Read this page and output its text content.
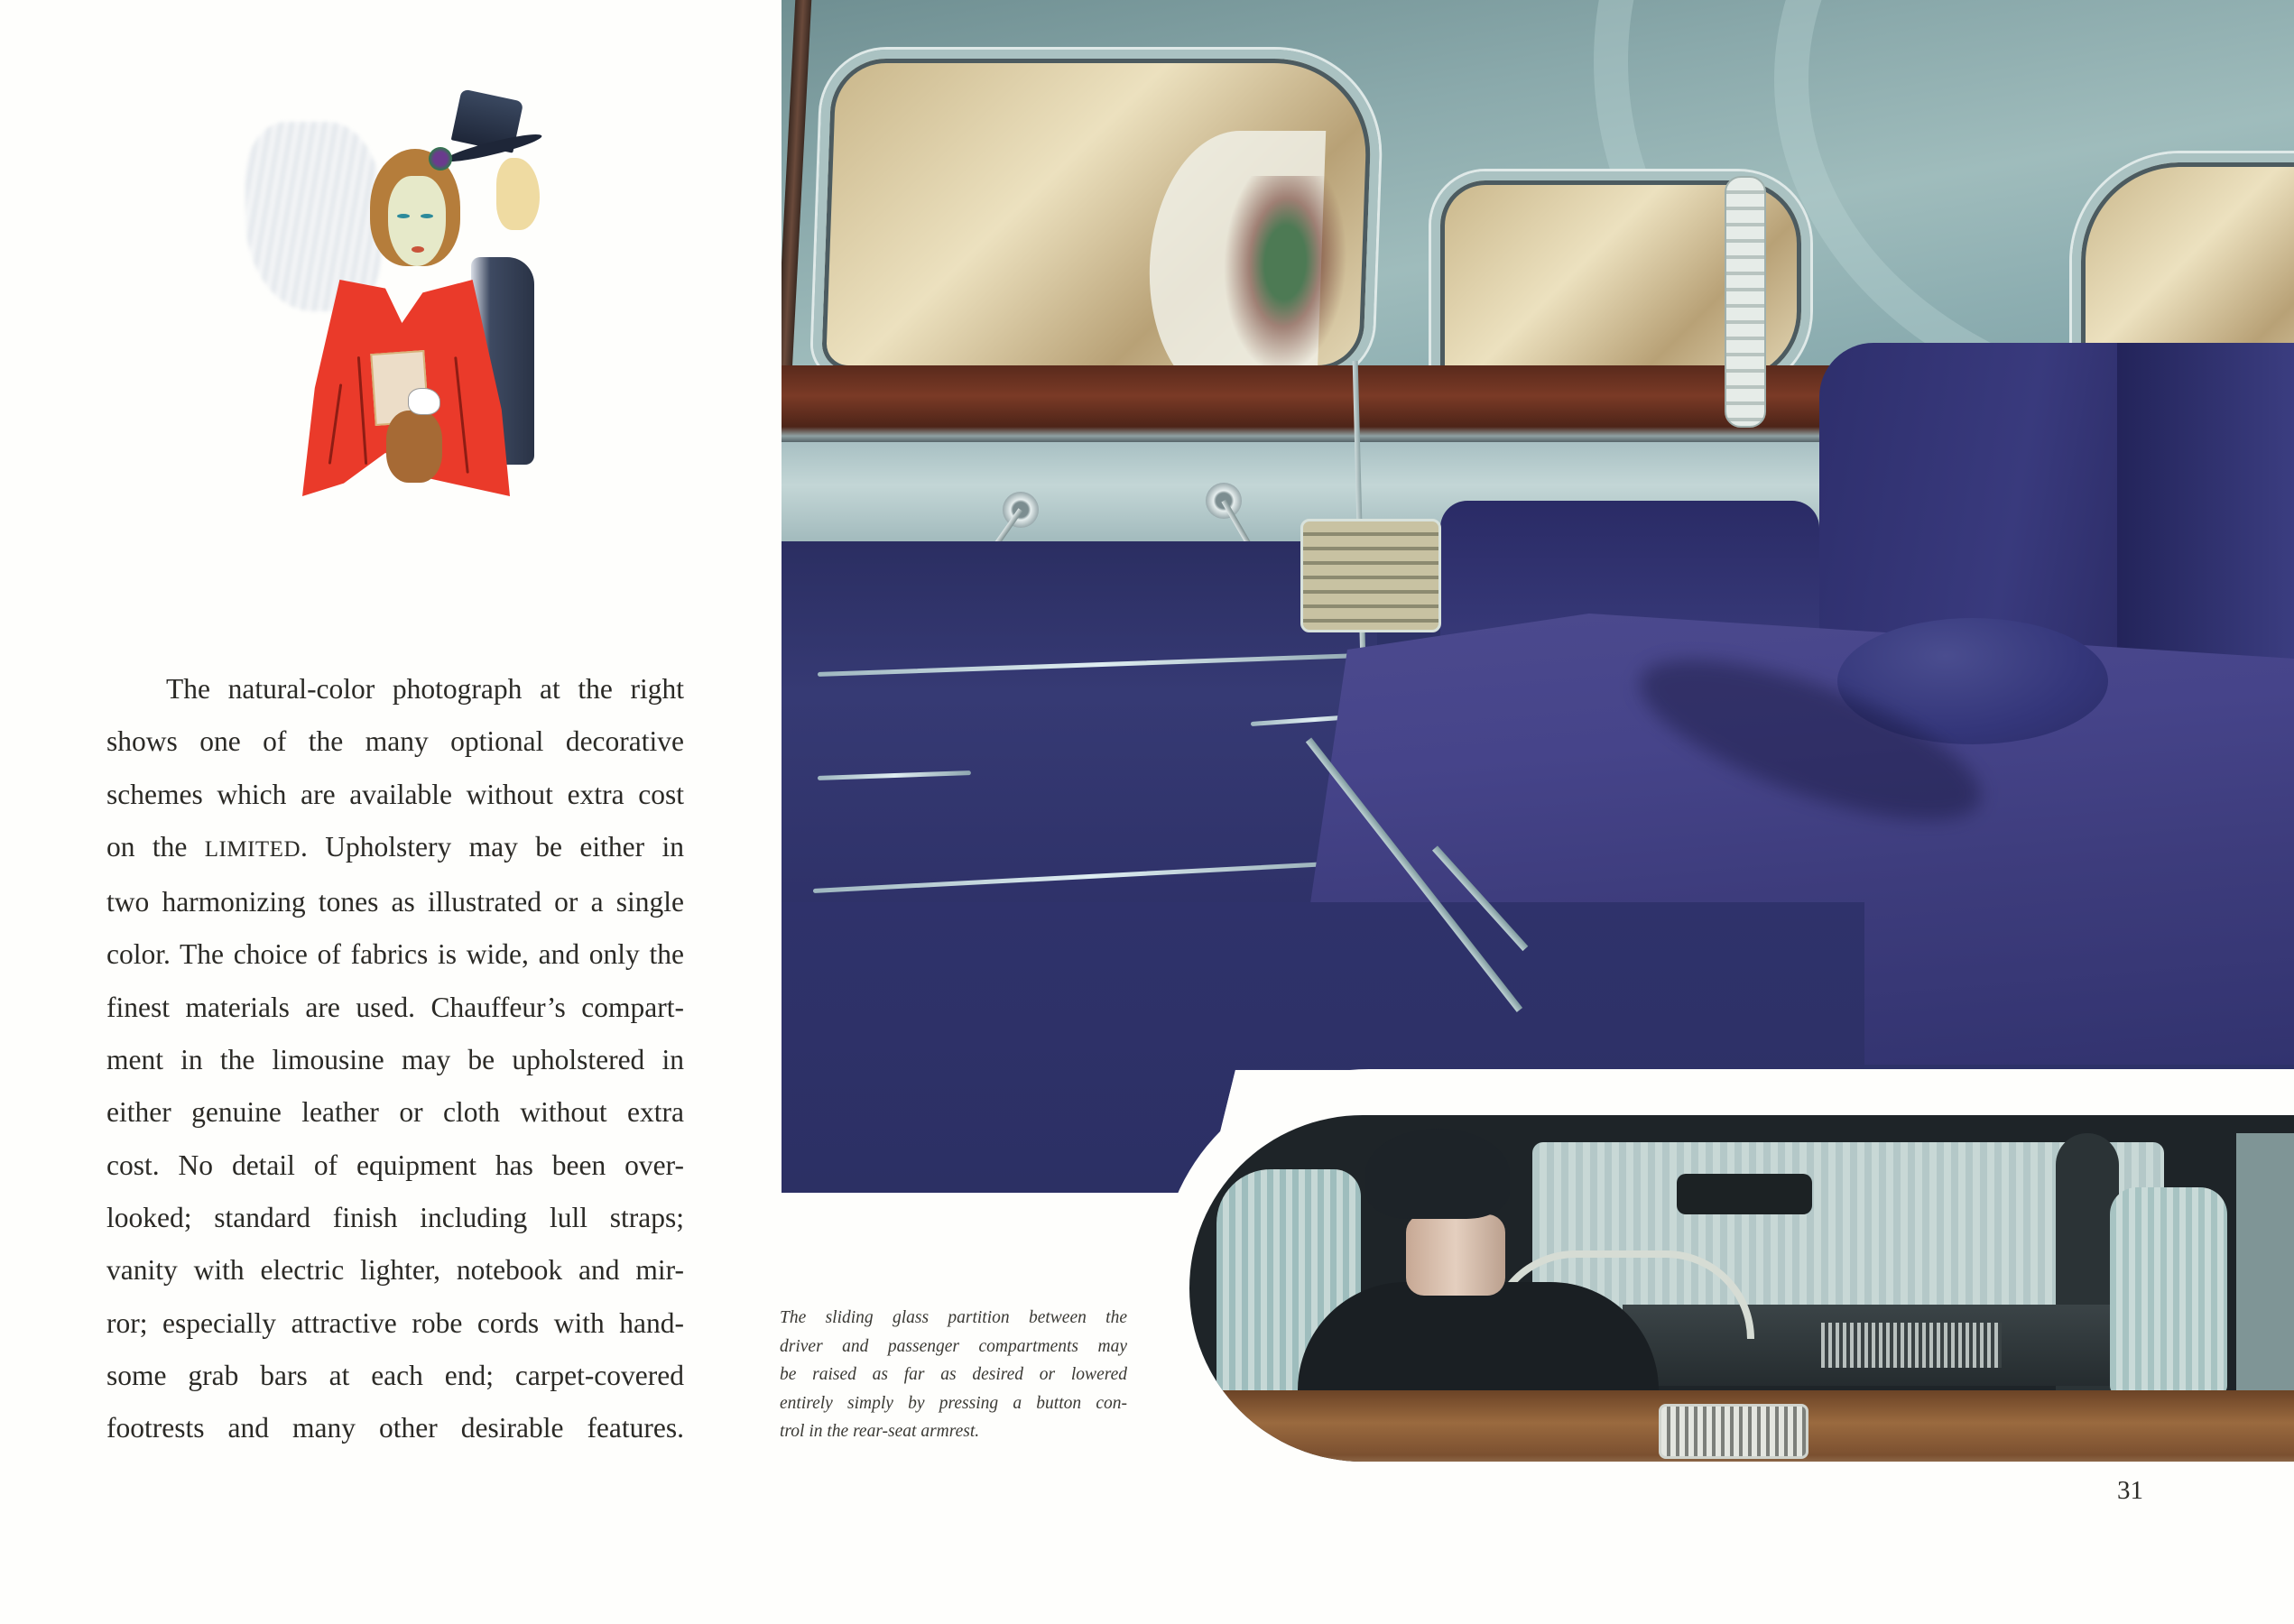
The natural-color photograph at the right
shows one of the many optional decorative
schemes which are available without extra cost
on the LIMITED. Upholstery may be either in
two harmonizing tones as illustrated or a single
color. The choice of fabrics is wide, and only the
finest materials are used. Chauffeur’s compart-
ment in the limousine may be upholstered in
either genuine leather or cloth without extra
cost. No detail of equipment has been over-
looked; standard finish including lull straps;
vanity with electric lighter, notebook and mir-
ror; especially attractive robe cords with hand-
some grab bars at each end; carpet-covered
footrests and many other desirable features.
The sliding glass partition between the
driver and passenger compartments may
be raised as far as desired or lowered
entirely simply by pressing a button con-
trol in the rear-seat armrest.
31
